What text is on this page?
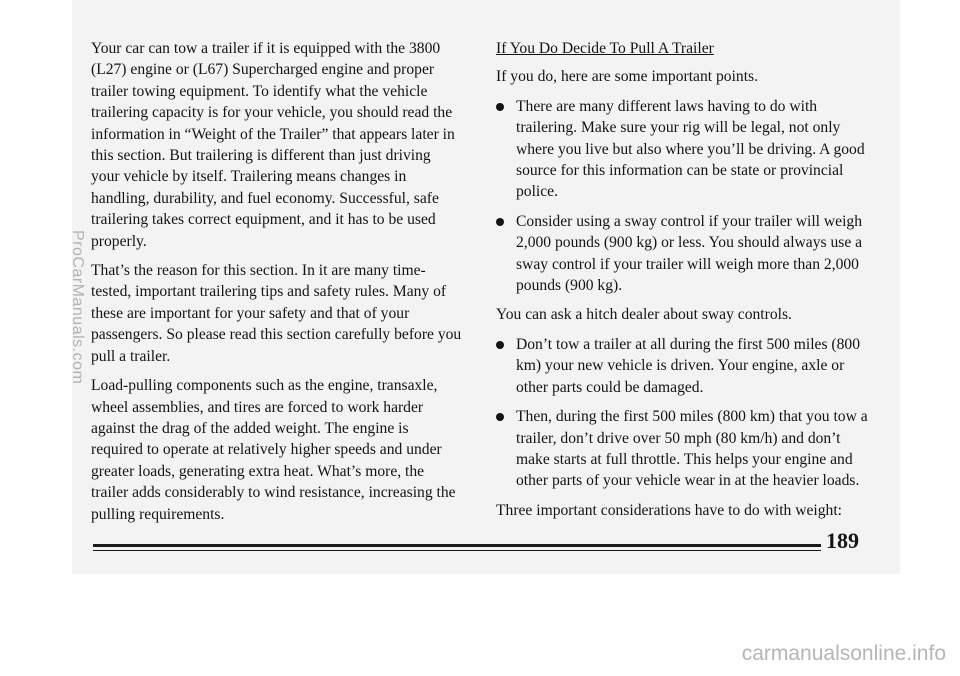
Your car can tow a trailer if it is equipped with the 3800 (L27) engine or (L67) Supercharged engine and proper trailer towing equipment. To identify what the vehicle trailering capacity is for your vehicle, you should read the information in “Weight of the Trailer” that appears later in this section. But trailering is different than just driving your vehicle by itself. Trailering means changes in handling, durability, and fuel economy. Successful, safe trailering takes correct equipment, and it has to be used properly.

That’s the reason for this section. In it are many time-tested, important trailering tips and safety rules. Many of these are important for your safety and that of your passengers. So please read this section carefully before you pull a trailer.

Load-pulling components such as the engine, transaxle, wheel assemblies, and tires are forced to work harder against the drag of the added weight. The engine is required to operate at relatively higher speeds and under greater loads, generating extra heat. What’s more, the trailer adds considerably to wind resistance, increasing the pulling requirements.

If You Do Decide To Pull A Trailer

If you do, here are some important points.

There are many different laws having to do with trailering. Make sure your rig will be legal, not only where you live but also where you’ll be driving. A good source for this information can be state or provincial police.
Consider using a sway control if your trailer will weigh 2,000 pounds (900 kg) or less. You should always use a sway control if your trailer will weigh more than 2,000 pounds (900 kg).

You can ask a hitch dealer about sway controls.

Don’t tow a trailer at all during the first 500 miles (800 km) your new vehicle is driven. Your engine, axle or other parts could be damaged.
Then, during the first 500 miles (800 km) that you tow a trailer, don’t drive over 50 mph (80 km/h) and don’t make starts at full throttle. This helps your engine and other parts of your vehicle wear in at the heavier loads.

Three important considerations have to do with weight:

189
ProCarManuals.com
carmanualsonline.info
